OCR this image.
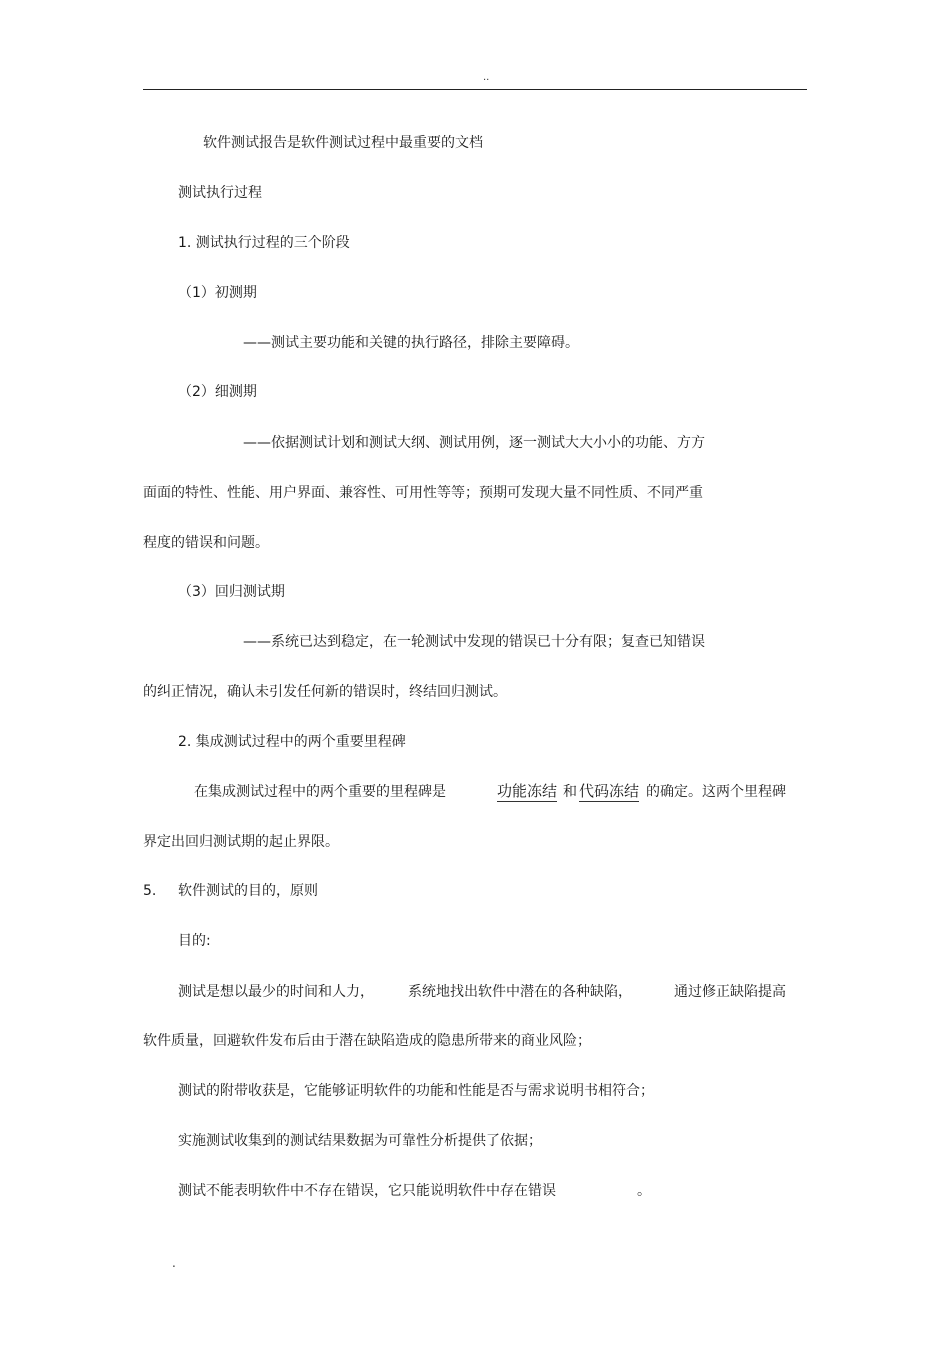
..
软件测试报告是软件测试过程中最重要的文档
测试执行过程
1. 测试执行过程的三个阶段
（1）初测期
——测试主要功能和关键的执行路径，排除主要障碍。
（2）细测期
——依据测试计划和测试大纲、测试用例，逐一测试大大小小的功能、方方
面面的特性、性能、用户界面、兼容性、可用性等等；预期可发现大量不同性质、不同严重
程度的错误和问题。
（3）回归测试期
——系统已达到稳定，在一轮测试中发现的错误已十分有限；复查已知错误
的纠正情况，确认未引发任何新的错误时，终结回归测试。
2. 集成测试过程中的两个重要里程碑
在集成测试过程中的两个重要的里程碑是	功能冻结 和 代码冻结 的确定。这两个里程碑
界定出回归测试期的起止界限。
5. 软件测试的目的，原则
目的:
测试是想以最少的时间和人力， 系统地找出软件中潜在的各种缺陷，	通过修正缺陷提高
软件质量，回避软件发布后由于潜在缺陷造成的隐患所带来的商业风险；
测试的附带收获是，它能够证明软件的功能和性能是否与需求说明书相符合；
实施测试收集到的测试结果数据为可靠性分析提供了依据；
测试不能表明软件中不存在错误，它只能说明软件中存在错误	。
.
